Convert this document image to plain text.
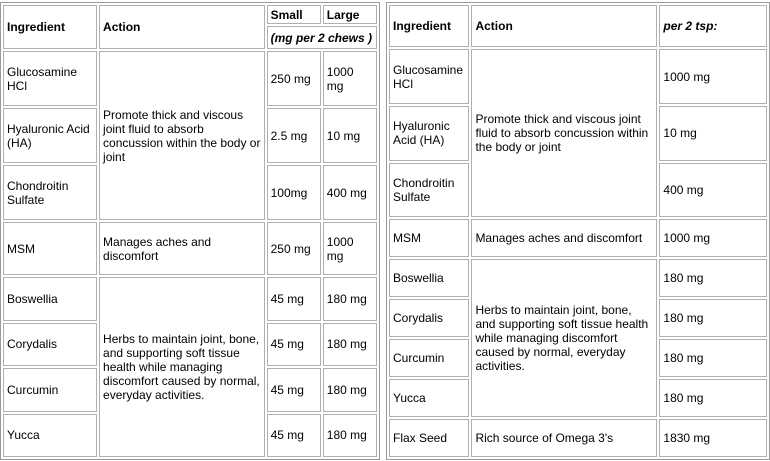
Ingredient	Action	Small	Large
		(mg per 2 chews )	
Glucosamine HCl	Promote thick and viscous joint fluid to absorb concussion within the body or joint	250 mg	1000 mg
Hyaluronic Acid (HA)		2.5 mg	10 mg
Chondroitin Sulfate		100mg	400 mg
MSM	Manages aches and discomfort	250 mg	1000 mg
Boswellia	Herbs to maintain joint, bone, and supporting soft tissue health while managing discomfort caused by normal, everyday activities.	45 mg	180 mg
Corydalis		45 mg	180 mg
Curcumin		45 mg	180 mg
Yucca		45 mg	180 mg
Ingredient	Action	per 2 tsp:
Glucosamine HCl	Promote thick and viscous joint fluid to absorb concussion within the body or joint	1000 mg
Hyaluronic Acid (HA)		10 mg
Chondroitin Sulfate		400 mg
MSM	Manages aches and discomfort	1000 mg
Boswellia	Herbs to maintain joint, bone, and supporting soft tissue health while managing discomfort caused by normal, everyday activities.	180 mg
Corydalis		180 mg
Curcumin		180 mg
Yucca		180 mg
Flax Seed	Rich source of Omega 3's	1830 mg
